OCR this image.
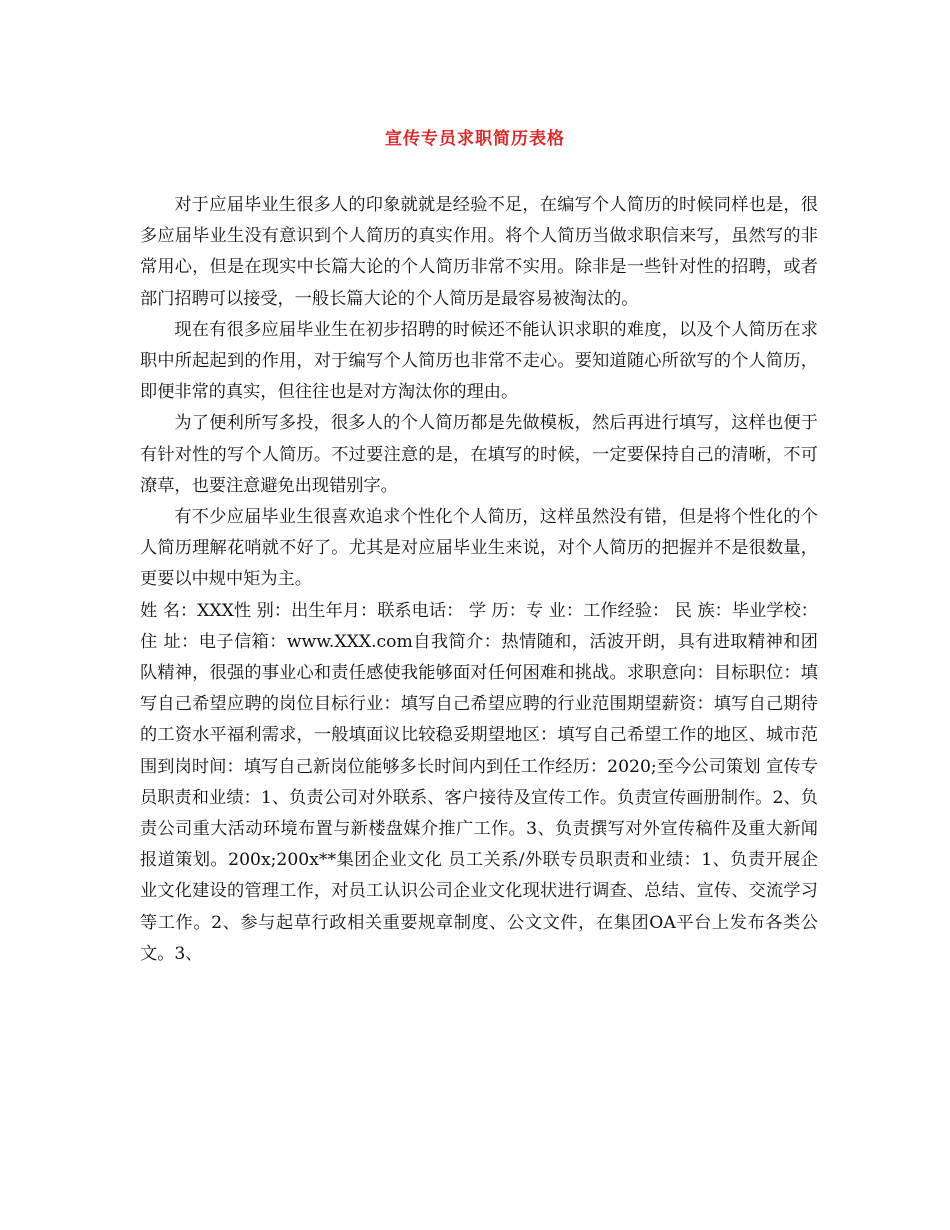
宣传专员求职简历表格

对于应届毕业生很多人的印象就就是经验不足，在编写个人简历的时候同样也是，很多应届毕业生没有意识到个人简历的真实作用。将个人简历当做求职信来写，虽然写的非常用心，但是在现实中长篇大论的个人简历非常不实用。除非是一些针对性的招聘，或者部门招聘可以接受，一般长篇大论的个人简历是最容易被淘汰的。

现在有很多应届毕业生在初步招聘的时候还不能认识求职的难度，以及个人简历在求职中所起起到的作用，对于编写个人简历也非常不走心。要知道随心所欲写的个人简历，即便非常的真实，但往往也是对方淘汰你的理由。

为了便利所写多投，很多人的个人简历都是先做模板，然后再进行填写，这样也便于有针对性的写个人简历。不过要注意的是，在填写的时候，一定要保持自己的清晰，不可潦草，也要注意避免出现错别字。

有不少应届毕业生很喜欢追求个性化个人简历，这样虽然没有错，但是将个性化的个人简历理解花哨就不好了。尤其是对应届毕业生来说，对个人简历的把握并不是很数量，更要以中规中矩为主。

姓 名：XXX性 别：出生年月：联系电话： 学 历：专 业：工作经验： 民 族：毕业学校：住 址：电子信箱：www.XXX.com自我简介：热情随和，活波开朗，具有进取精神和团队精神，很强的事业心和责任感使我能够面对任何困难和挑战。求职意向：目标职位：填写自己希望应聘的岗位目标行业：填写自己希望应聘的行业范围期望薪资：填写自己期待的工资水平福利需求，一般填面议比较稳妥期望地区：填写自己希望工作的地区、城市范围到岗时间：填写自己新岗位能够多长时间内到任工作经历：2020;至今公司策划 宣传专员职责和业绩：1、负责公司对外联系、客户接待及宣传工作。负责宣传画册制作。2、负责公司重大活动环境布置与新楼盘媒介推广工作。3、负责撰写对外宣传稿件及重大新闻报道策划。200x;200x**集团企业文化 员工关系/外联专员职责和业绩：1、负责开展企业文化建设的管理工作，对员工认识公司企业文化现状进行调查、总结、宣传、交流学习等工作。2、参与起草行政相关重要规章制度、公文文件，在集团OA平台上发布各类公文。3、
